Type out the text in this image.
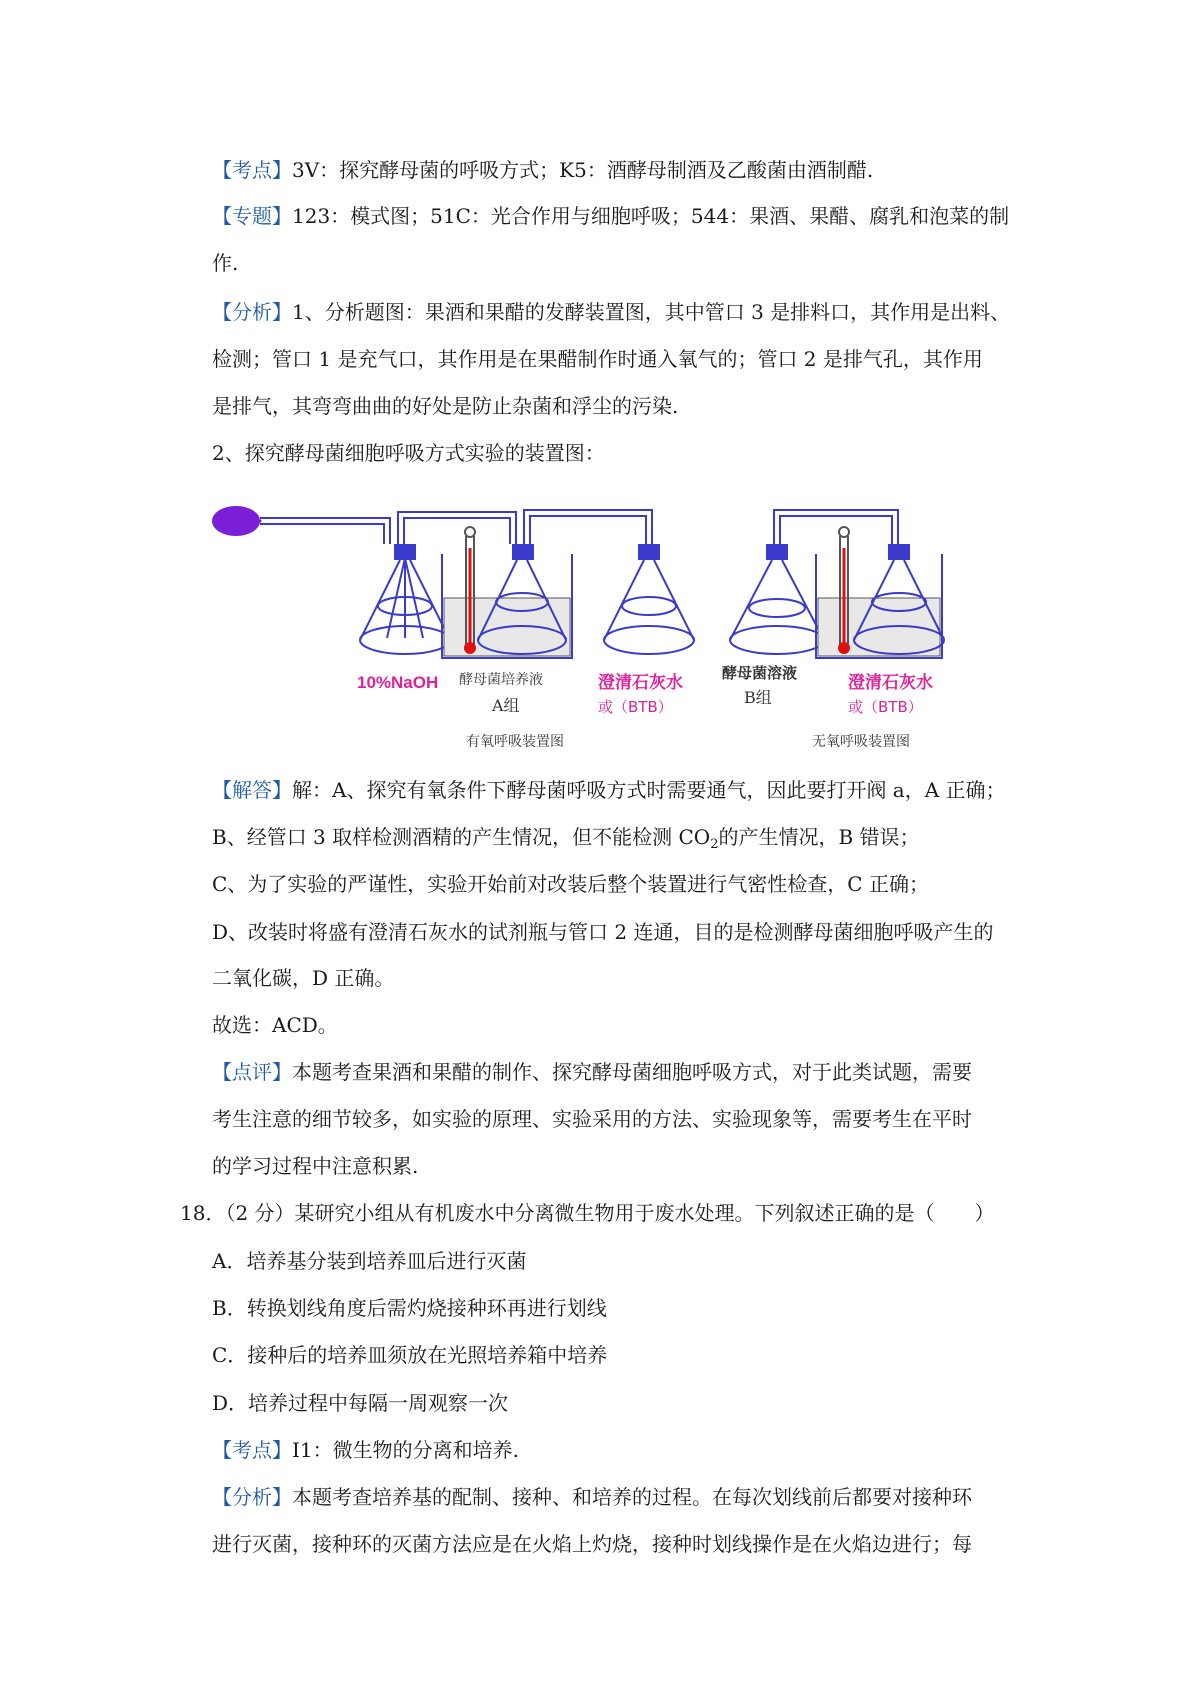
【考点】3V：探究酵母菌的呼吸方式；K5：酒酵母制酒及乙酸菌由酒制醋.
【专题】123：模式图；51C：光合作用与细胞呼吸；544：果酒、果醋、腐乳和泡菜的制
作.
【分析】1、分析题图：果酒和果醋的发酵装置图，其中管口 3 是排料口，其作用是出料、
检测；管口 1 是充气口，其作用是在果醋制作时通入氧气的；管口 2 是排气孔，其作用
是排气，其弯弯曲曲的好处是防止杂菌和浮尘的污染.
2、探究酵母菌细胞呼吸方式实验的装置图：
10%NaOH 酵母菌培养液
A组
澄清石灰水
或（BTB）
酵母菌溶液
B组
澄清石灰水
或（BTB）
有氧呼吸装置图	无氧呼吸装置图
【解答】解：A、探究有氧条件下酵母菌呼吸方式时需要通气，因此要打开阀 a，A 正确；
B、经管口 3 取样检测酒精的产生情况，但不能检测 $CO_2$的产生情况，B 错误；
C、为了实验的严谨性，实验开始前对改装后整个装置进行气密性检查，C 正确；
D、改装时将盛有澄清石灰水的试剂瓶与管口 2 连通，目的是检测酵母菌细胞呼吸产生的
二氧化碳，D 正确。
故选：ACD。
【点评】本题考查果酒和果醋的制作、探究酵母菌细胞呼吸方式，对于此类试题，需要
考生注意的细节较多，如实验的原理、实验采用的方法、实验现象等，需要考生在平时
的学习过程中注意积累.
18．（2 分）某研究小组从有机废水中分离微生物用于废水处理。下列叙述正确的是（　　）
A．培养基分装到培养皿后进行灭菌
B．转换划线角度后需灼烧接种环再进行划线
C．接种后的培养皿须放在光照培养箱中培养
D．培养过程中每隔一周观察一次
【考点】I1：微生物的分离和培养.
【分析】本题考查培养基的配制、接种、和培养的过程。在每次划线前后都要对接种环
进行灭菌，接种环的灭菌方法应是在火焰上灼烧，接种时划线操作是在火焰边进行；每
